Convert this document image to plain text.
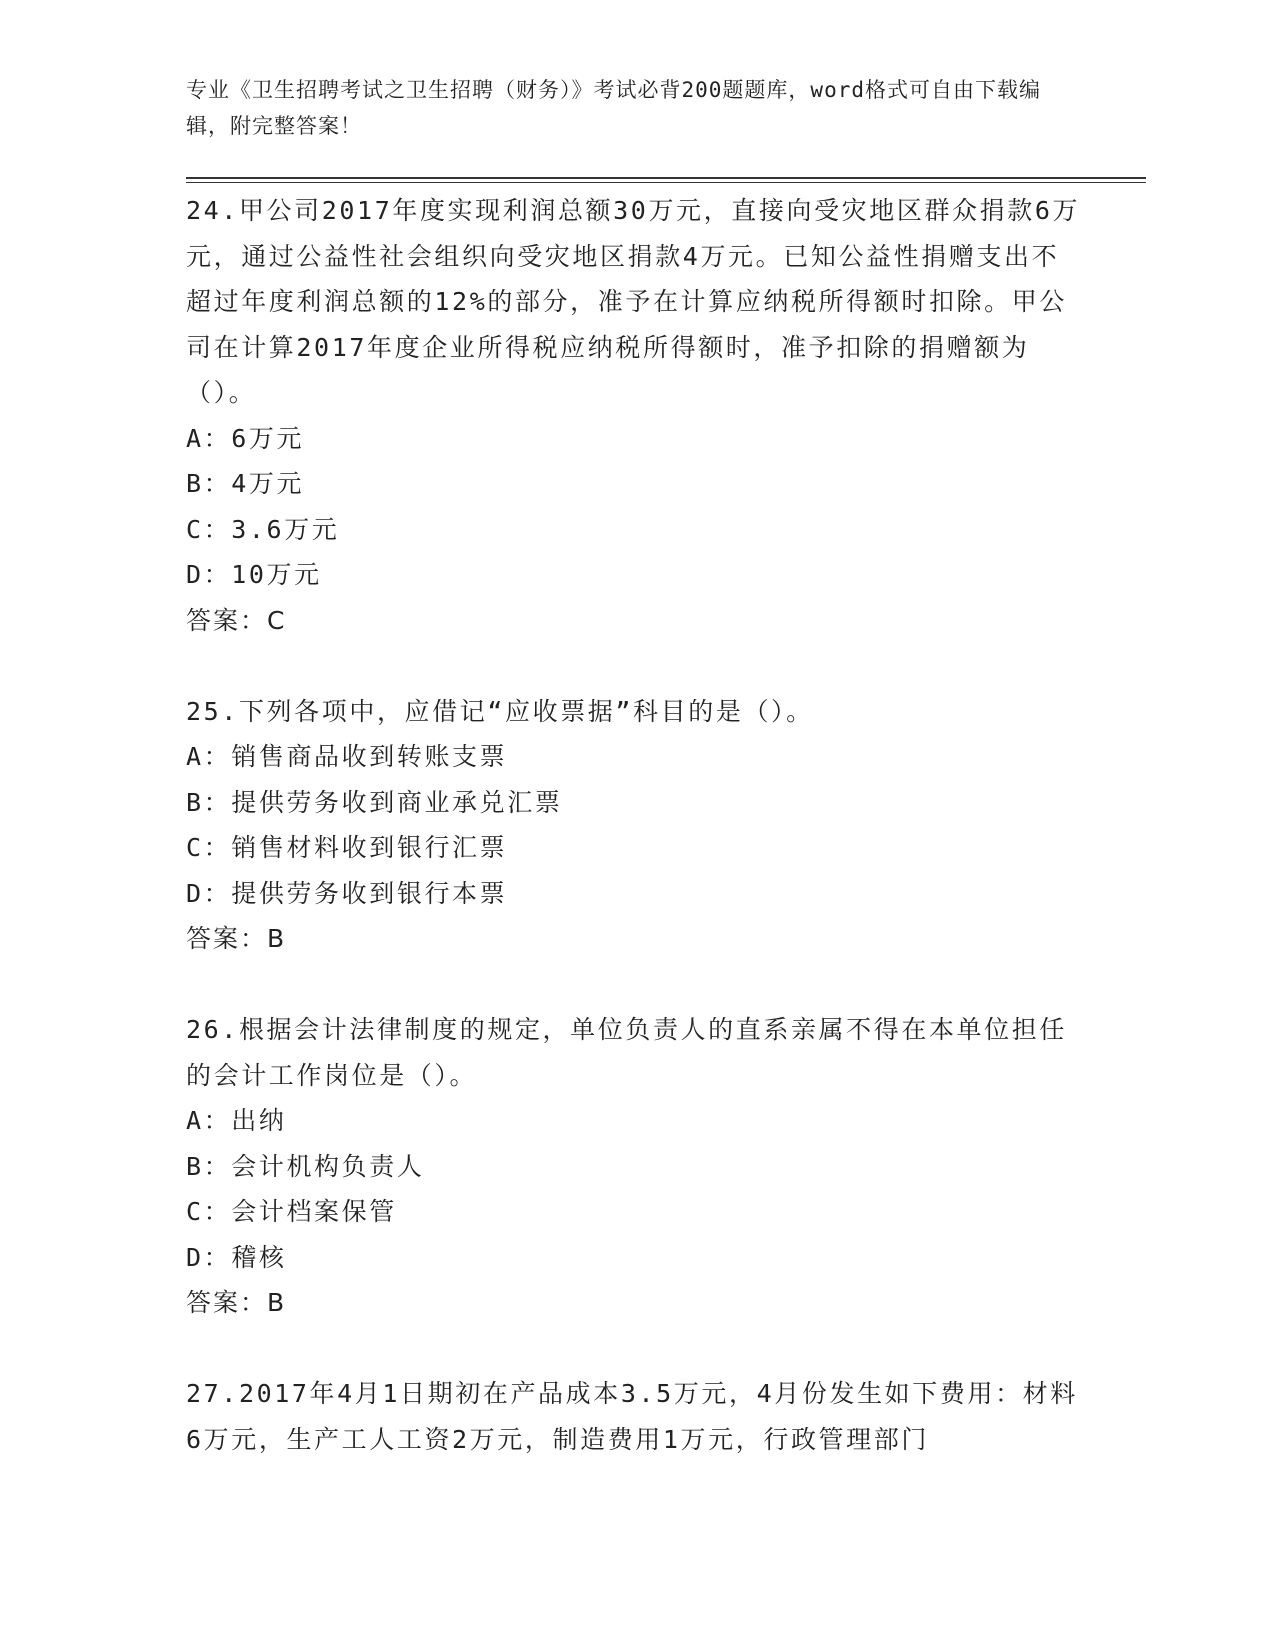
专业《卫生招聘考试之卫生招聘（财务）》考试必背200题题库，word格式可自由下载编辑，附完整答案！

24.甲公司2017年度实现利润总额30万元，直接向受灾地区群众捐款6万元，通过公益性社会组织向受灾地区捐款4万元。已知公益性捐赠支出不超过年度利润总额的12%的部分，准予在计算应纳税所得额时扣除。甲公司在计算2017年度企业所得税应纳税所得额时，准予扣除的捐赠额为（）。

A：6万元

B：4万元

C：3.6万元

D：10万元

答案：C

25.下列各项中，应借记“应收票据”科目的是（）。

A：销售商品收到转账支票

B：提供劳务收到商业承兑汇票

C：销售材料收到银行汇票

D：提供劳务收到银行本票

答案：B

26.根据会计法律制度的规定，单位负责人的直系亲属不得在本单位担任的会计工作岗位是（）。

A：出纳

B：会计机构负责人

C：会计档案保管

D：稽核

答案：B

27.2017年4月1日期初在产品成本3.5万元，4月份发生如下费用：材料6万元，生产工人工资2万元，制造费用1万元，行政管理部门
